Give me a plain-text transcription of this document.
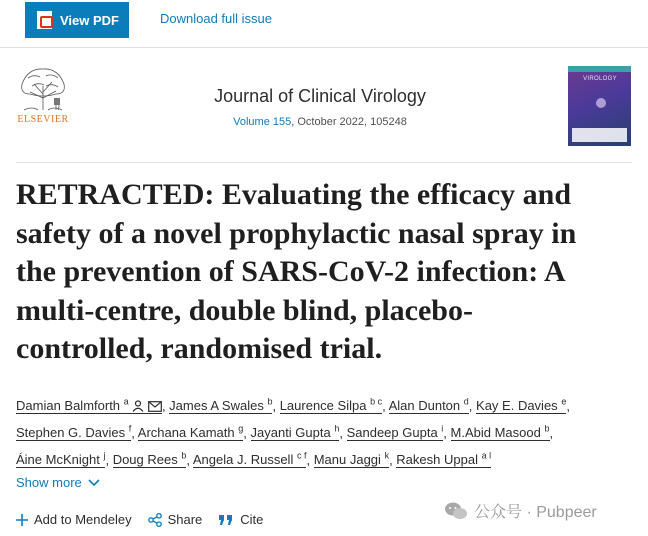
View PDF	Download full issue
ELSEVIER
Journal of Clinical Virology
Volume 155, October 2022, 105248
VIROLOGY
RETRACTED: Evaluating the efficacy and
safety of a novel prophylactic nasal spray in
the prevention of SARS-CoV-2 infection: A
multi-centre, double blind, placebo-
controlled, randomised trial.
Damian Balmforth $^a$	, James A Swales $^b$, Laurence Silpa $^{b c}$, Alan Dunton $^d$, Kay E. Davies $^e$,
Stephen G. Davies $^f$, Archana Kamath $^g$, Jayanti Gupta $^h$, Sandeep Gupta $^i$, M.Abid Masood $^b$,
Áine McKnight $^j$, Doug Rees $^b$, Angela J. Russell $^{c f}$, Manu Jaggi $^k$, Rakesh Uppal $^{a l}$
Show more
Add to Mendeley	Share	Cite	公众号 · Pubpeer
